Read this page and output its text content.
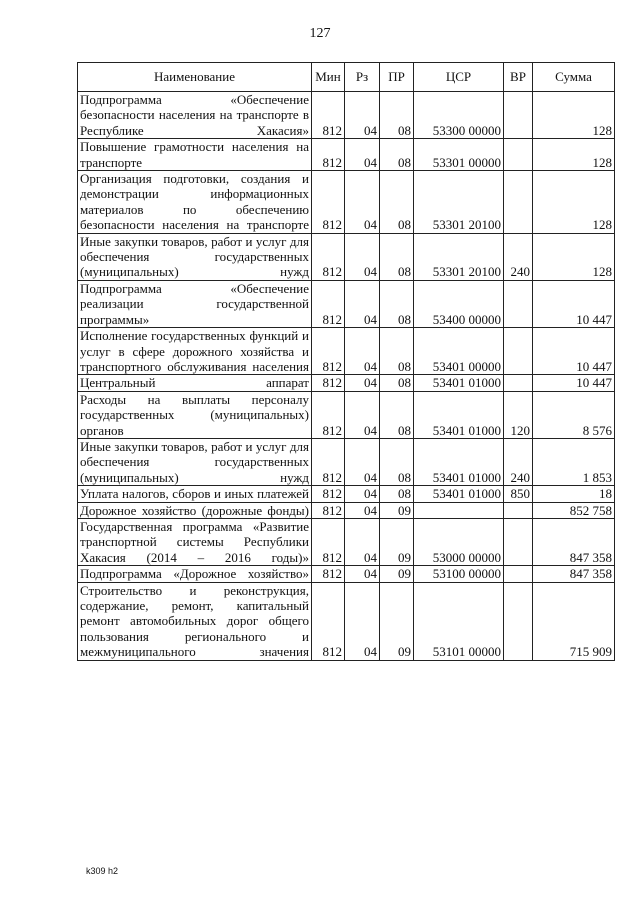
127
Наименование	Мин	Рз	ПР	ЦСР	ВР	Сумма
Подпрограмма «Обеспечение безопасности населения на транспорте в Республике Хакасия»	812	04	08	53300 00000		128
Повышение грамотности населения на транспорте	812	04	08	53301 00000		128
Организация подготовки, создания и демонстрации информационных материалов по обеспечению безопасности населения на транспорте	812	04	08	53301 20100		128
Иные закупки товаров, работ и услуг для обеспечения государственных (муниципальных) нужд	812	04	08	53301 20100	240	128
Подпрограмма «Обеспечение реализации государственной программы»	812	04	08	53400 00000		10 447
Исполнение государственных функций и услуг в сфере дорожного хозяйства и транспортного обслуживания населения	812	04	08	53401 00000		10 447
Центральный аппарат	812	04	08	53401 01000		10 447
Расходы на выплаты персоналу государственных (муниципальных) органов	812	04	08	53401 01000	120	8 576
Иные закупки товаров, работ и услуг для обеспечения государственных (муниципальных) нужд	812	04	08	53401 01000	240	1 853
Уплата налогов, сборов и иных платежей	812	04	08	53401 01000	850	18
Дорожное хозяйство (дорожные фонды)	812	04	09			852 758
Государственная программа «Развитие транспортной системы Республики Хакасия (2014 – 2016 годы)»	812	04	09	53000 00000		847 358
Подпрограмма «Дорожное хозяйство»	812	04	09	53100 00000		847 358
Строительство и реконструкция, содержание, ремонт, капитальный ремонт автомобильных дорог общего пользования регионального и межмуниципального значения	812	04	09	53101 00000		715 909
k309 h2
